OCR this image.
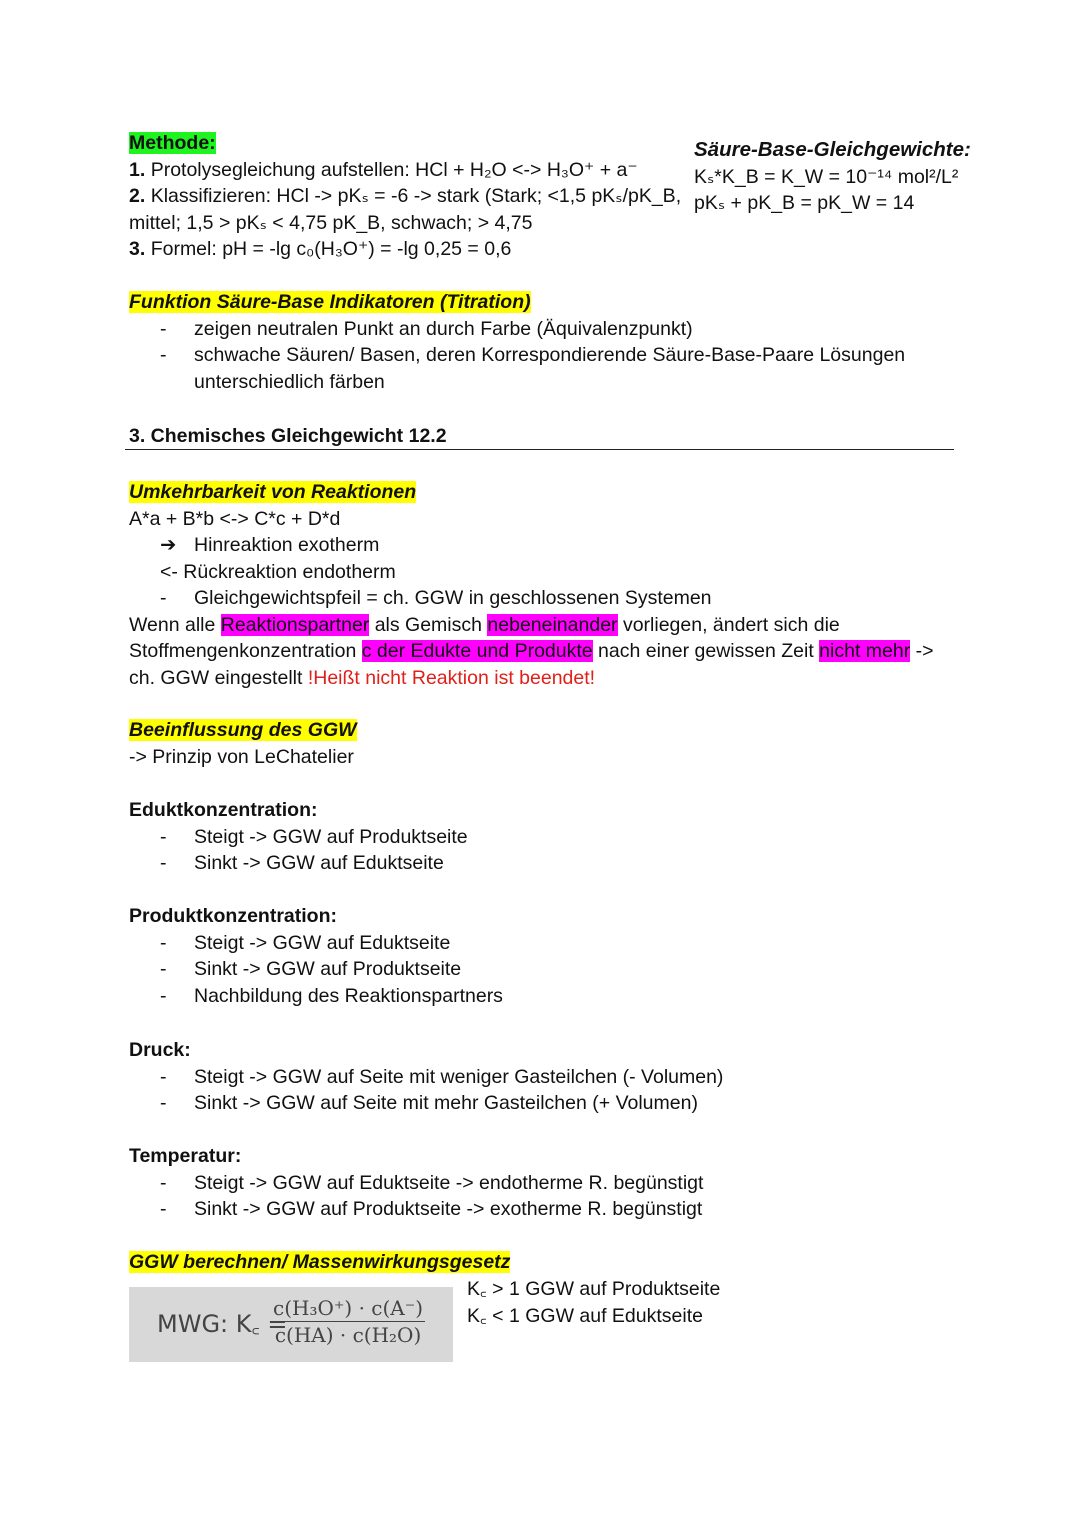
Methode:
1. Protolysegleichung aufstellen: HCl + H₂O <-> H₃O⁺ + a⁻
2. Klassifizieren: HCl -> pKₛ = -6 -> stark (Stark; <1,5 pKₛ/pK_B,
mittel; 1,5 > pKₛ < 4,75 pK_B, schwach; > 4,75
3. Formel: pH = -lg c₀(H₃O⁺) = -lg 0,25 = 0,6
Säure-Base-Gleichgewichte:
Kₛ*K_B = K_W = 10⁻¹⁴ mol²/L²
pKₛ + pK_B = pK_W = 14
Funktion Säure-Base Indikatoren (Titration)
- zeigen neutralen Punkt an durch Farbe (Äquivalenzpunkt)
- schwache Säuren/ Basen, deren Korrespondierende Säure-Base-Paare Lösungen
unterschiedlich färben
3. Chemisches Gleichgewicht 12.2
Umkehrbarkeit von Reaktionen
A*a + B*b <-> C*c + D*d
➔ Hinreaktion exotherm
<- Rückreaktion endotherm
- Gleichgewichtspfeil = ch. GGW in geschlossenen Systemen
Wenn alle Reaktionspartner als Gemisch nebeneinander vorliegen, ändert sich die
Stoffmengenkonzentration c der Edukte und Produkte nach einer gewissen Zeit nicht mehr ->
ch. GGW eingestellt !Heißt nicht Reaktion ist beendet!
Beeinflussung des GGW
-> Prinzip von LeChatelier
Eduktkonzentration:
- Steigt -> GGW auf Produktseite
- Sinkt -> GGW auf Eduktseite
Produktkonzentration:
- Steigt -> GGW auf Eduktseite
- Sinkt -> GGW auf Produktseite
- Nachbildung des Reaktionspartners
Druck:
- Steigt -> GGW auf Seite mit weniger Gasteilchen (- Volumen)
- Sinkt -> GGW auf Seite mit mehr Gasteilchen (+ Volumen)
Temperatur:
- Steigt -> GGW auf Eduktseite -> endotherme R. begünstigt
- Sinkt -> GGW auf Produktseite -> exotherme R. begünstigt
GGW berechnen/ Massenwirkungsgesetz
MWG: K꜀ =
$\frac{\text{c(H₃O⁺) · c(A⁻)}}{\text{c(HA) · c(H₂O)}}$
K꜀ > 1 GGW auf Produktseite
K꜀ < 1 GGW auf Eduktseite
